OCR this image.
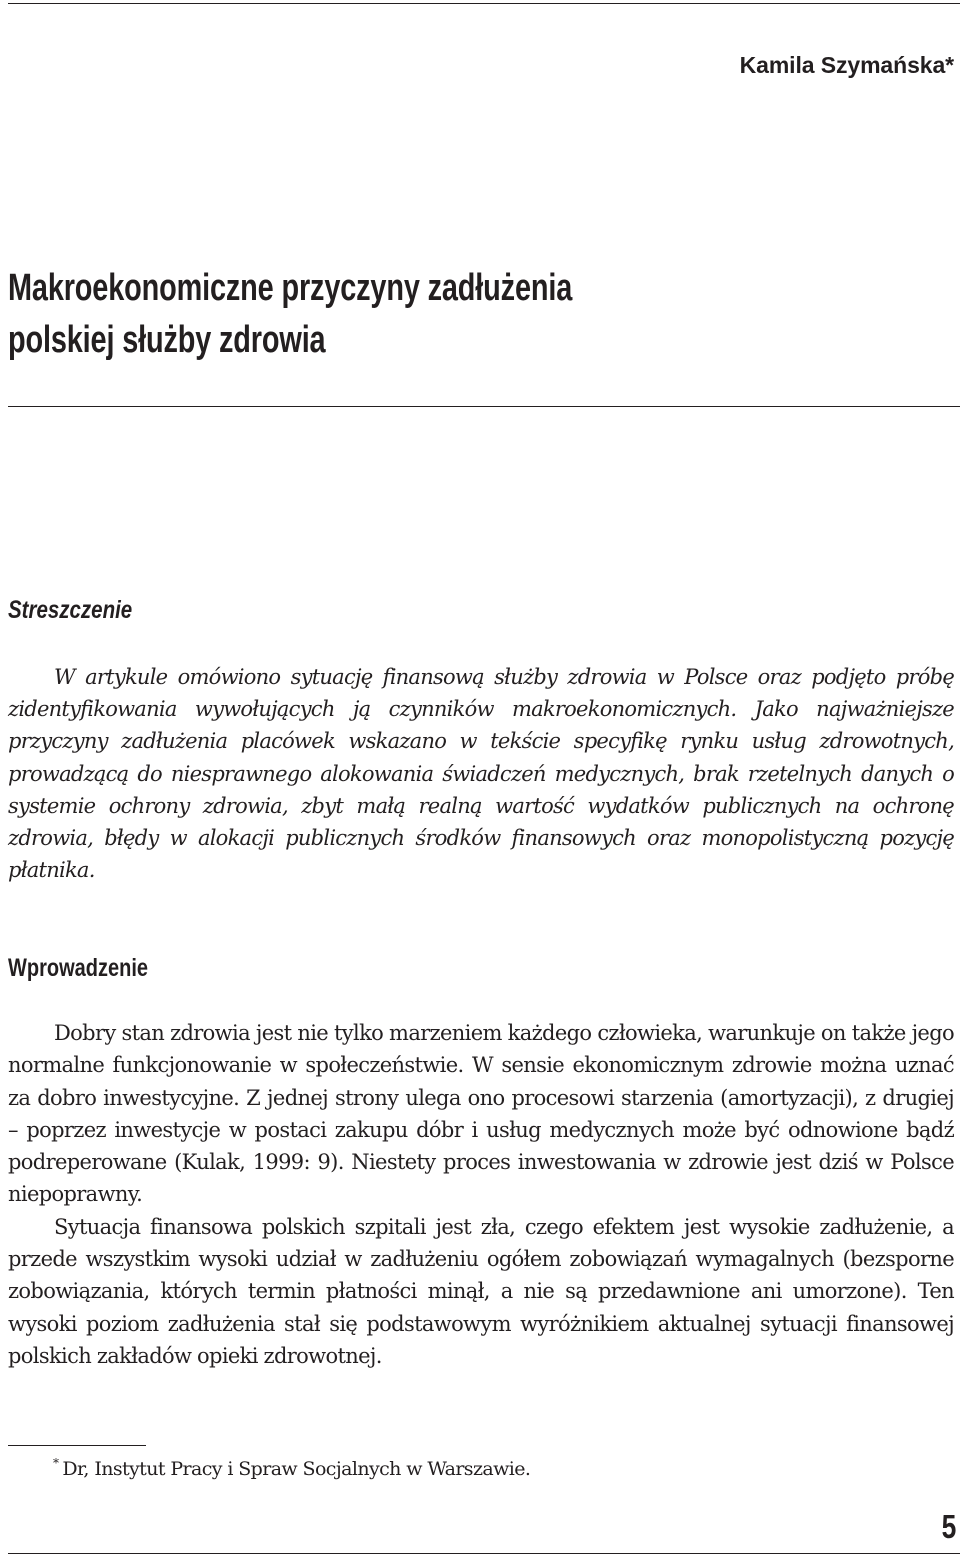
Kamila Szymańska*
Makroekonomiczne przyczyny zadłużenia
polskiej służby zdrowia
Streszczenie

W artykule omówiono sytuację finansową służby zdrowia w Polsce oraz podjęto próbę zidentyfikowania wywołujących ją czynników makroekonomicznych. Jako najważniejsze przyczyny zadłużenia placówek wskazano w tekście specyfikę rynku usług zdrowotnych, prowadzącą do niesprawnego alokowania świadczeń medycznych, brak rzetelnych danych o systemie ochrony zdrowia, zbyt małą realną wartość wydatków publicznych na ochronę zdrowia, błędy w alokacji publicznych środków finansowych oraz monopolistyczną pozycję płatnika.

Wprowadzenie

Dobry stan zdrowia jest nie tylko marzeniem każdego człowieka, warunkuje on także jego normalne funkcjonowanie w społeczeństwie. W sensie ekonomicznym zdrowie można uznać za dobro inwestycyjne. Z jednej strony ulega ono procesowi starzenia (amortyzacji), z drugiej – poprzez inwestycje w postaci zakupu dóbr i usług medycznych może być odnowione bądź podreperowane (Kulak, 1999: 9). Niestety proces inwestowania w zdrowie jest dziś w Polsce niepoprawny.

Sytuacja finansowa polskich szpitali jest zła, czego efektem jest wysokie zadłużenie, a przede wszystkim wysoki udział w zadłużeniu ogółem zobowiązań wymagalnych (bezsporne zobowiązania, których termin płatności minął, a nie są przedawnione ani umorzone). Ten wysoki poziom zadłużenia stał się podstawowym wyróżnikiem aktualnej sytuacji finansowej polskich zakładów opieki zdrowotnej.

* Dr, Instytut Pracy i Spraw Socjalnych w Warszawie.
5
